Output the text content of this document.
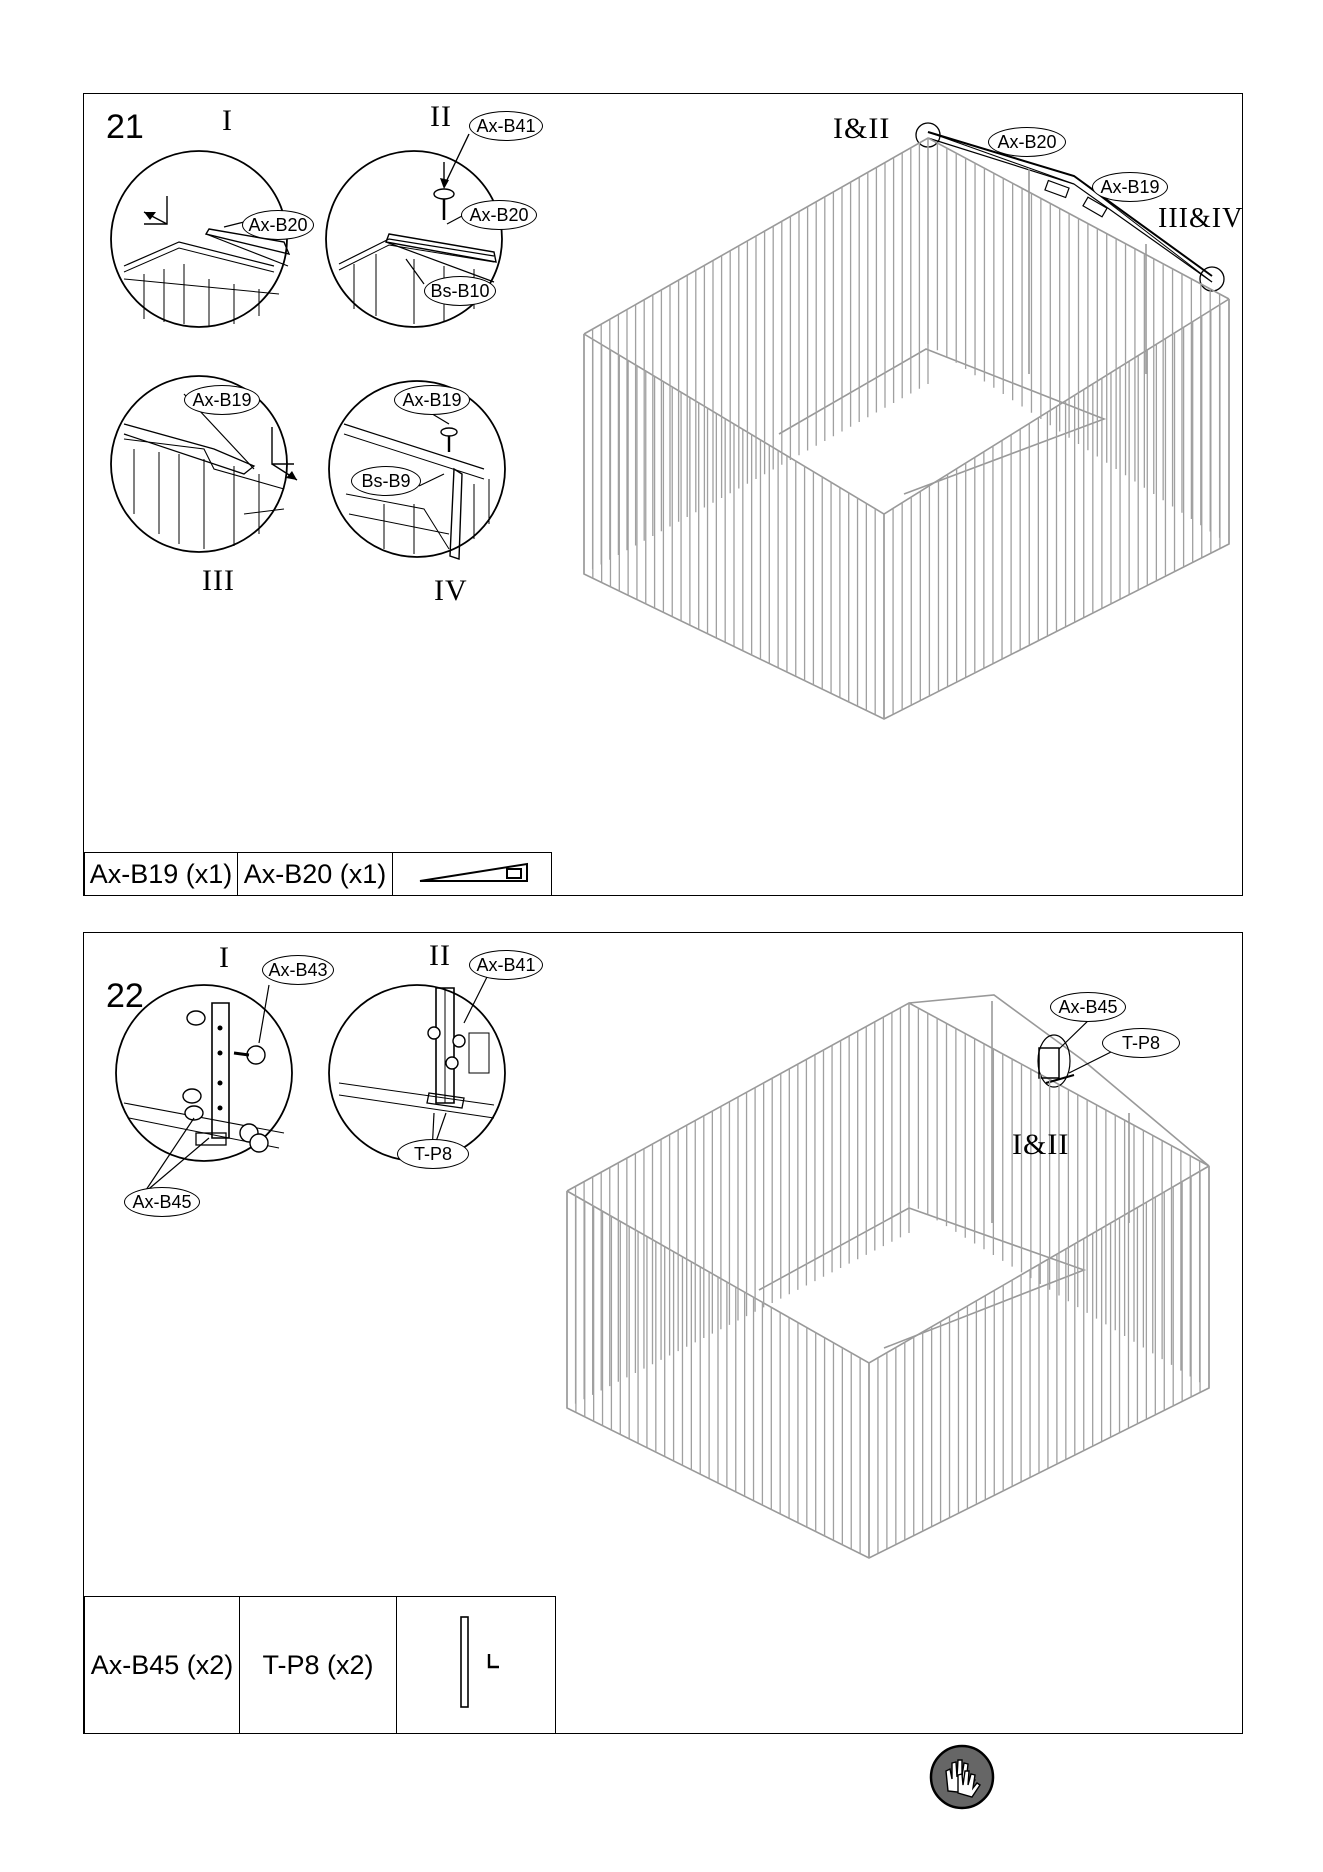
21	I	II
III	IV
Ax-B20
Ax-B41
Ax-B20
Bs-B10
Ax-B19	Ax-B19
Bs-B9
Ax-B19 (x1)	Ax-B20 (x1)	
I&II
III&IV
Ax-B20
Ax-B19
22
I	II
Ax-B43
Ax-B45
Ax-B41
T-P8
Ax-B45 (x2)	T-P8 (x2)	
Ax-B45
T-P8
I&II
